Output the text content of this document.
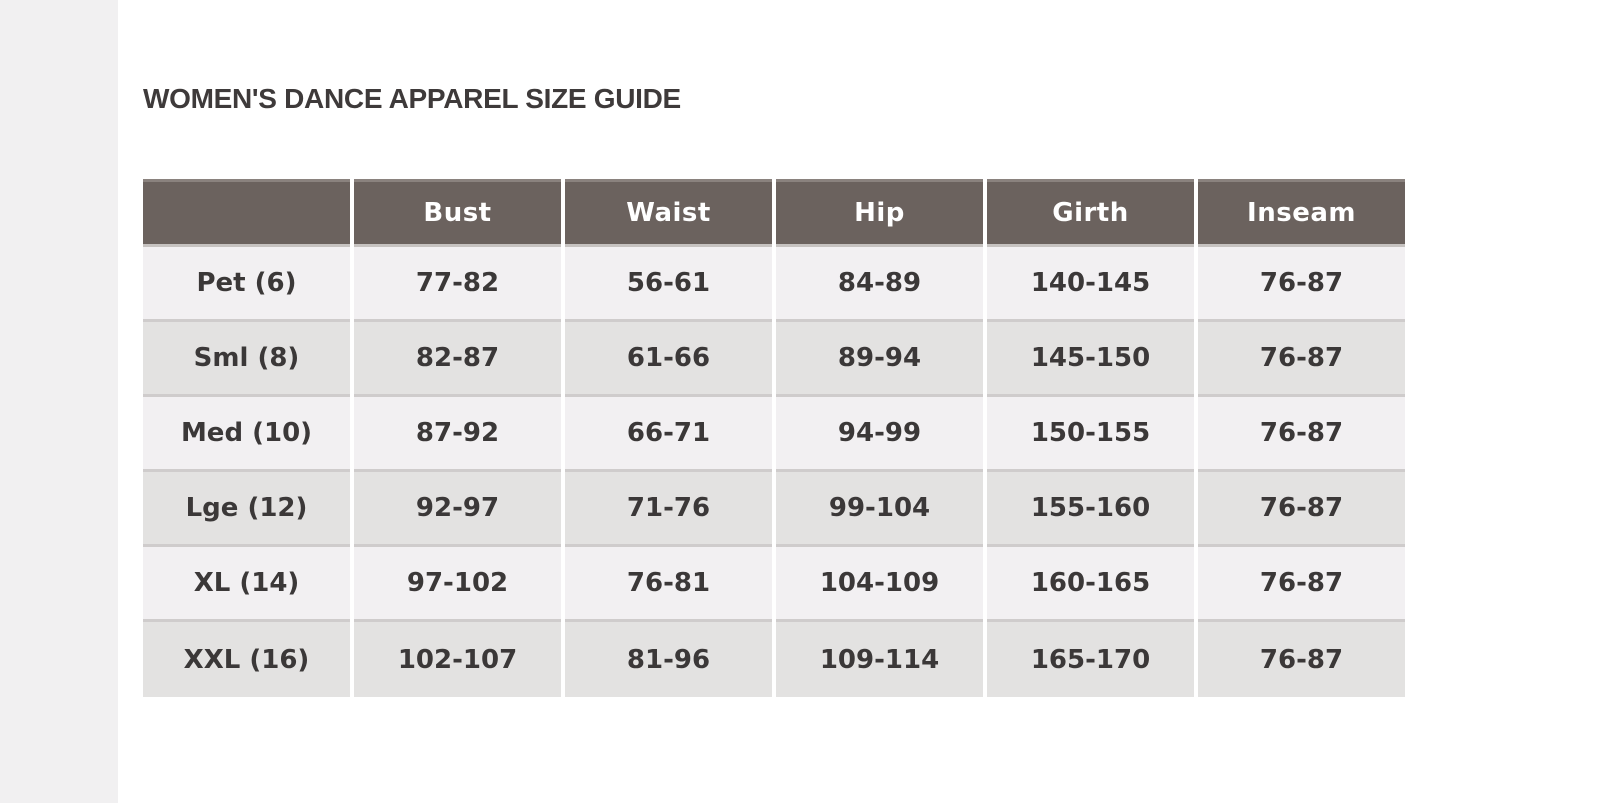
WOMEN'S DANCE APPAREL SIZE GUIDE
	Bust	Waist	Hip	Girth	Inseam
Pet (6)	77-82	56-61	84-89	140-145	76-87
Sml (8)	82-87	61-66	89-94	145-150	76-87
Med (10)	87-92	66-71	94-99	150-155	76-87
Lge (12)	92-97	71-76	99-104	155-160	76-87
XL (14)	97-102	76-81	104-109	160-165	76-87
XXL (16)	102-107	81-96	109-114	165-170	76-87
